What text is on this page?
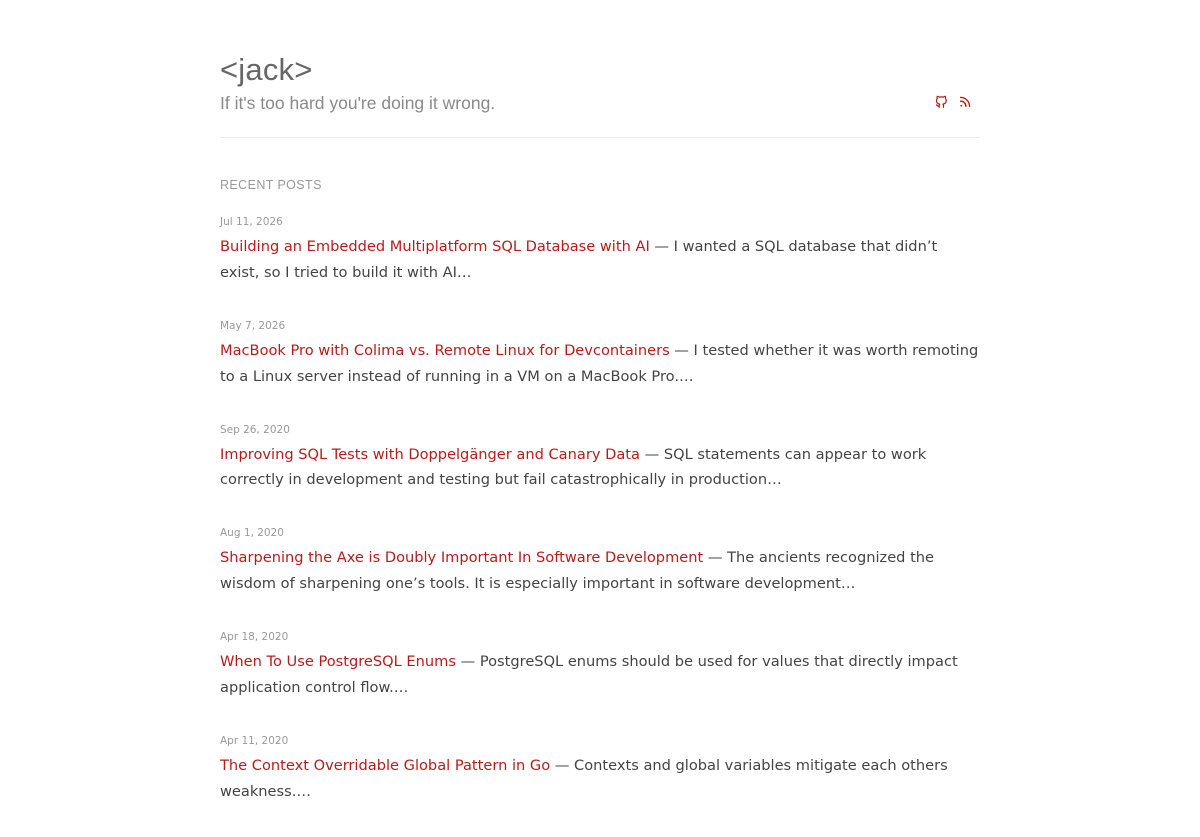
<jack>
If it's too hard you're doing it wrong.
RECENT POSTS
Jul 11, 2026
Building an Embedded Multiplatform SQL Database with AI — I wanted a SQL database that didn’t exist, so I tried to build it with AI…
May 7, 2026
MacBook Pro with Colima vs. Remote Linux for Devcontainers — I tested whether it was worth remoting to a Linux server instead of running in a VM on a MacBook Pro.…
Sep 26, 2020
Improving SQL Tests with Doppelgänger and Canary Data — SQL statements can appear to work correctly in development and testing but fail catastrophically in production…
Aug 1, 2020
Sharpening the Axe is Doubly Important In Software Development — The ancients recognized the wisdom of sharpening one’s tools. It is especially important in software development…
Apr 18, 2020
When To Use PostgreSQL Enums — PostgreSQL enums should be used for values that directly impact application control flow.…
Apr 11, 2020
The Context Overridable Global Pattern in Go — Contexts and global variables mitigate each others weakness.…
